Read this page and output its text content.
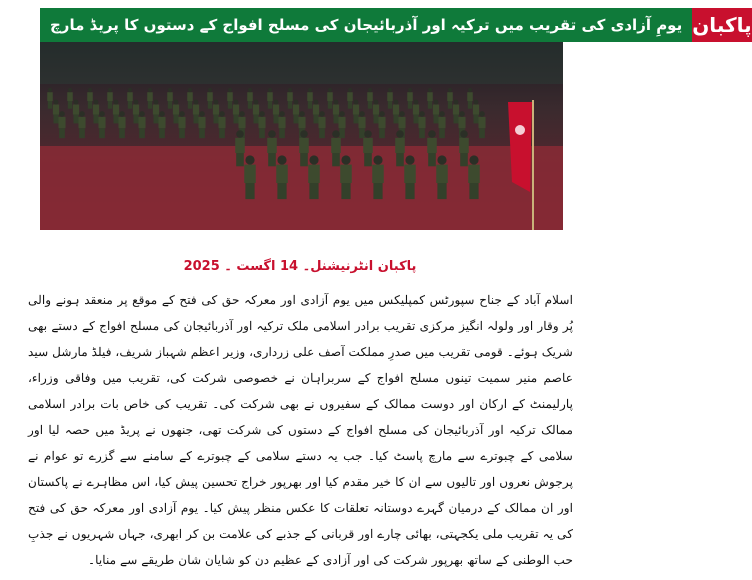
یومِ آزادی کی تقریب میں ترکیہ اور آذربائیجان کی مسلح افواج کے دستوں کا پریڈ مارچ پاکبان
پاکبان انٹرنیشنل۔ 14 اگست ۔ 2025

اسلام آباد کے جناح سپورٹس کمپلیکس میں یوم آزادی اور معرکہ حق کی فتح کے موقع پر منعقد ہونے والی پُر وقار اور ولولہ انگیز مرکزی تقریب برادر اسلامی ملک ترکیہ اور آذربائیجان کی مسلح افواج کے دستے بھی شریک ہوئے۔ قومی تقریب میں صدرِ مملکت آصف علی زرداری، وزیر اعظم شہباز شریف، فیلڈ مارشل سید عاصم منیر سمیت تینوں مسلح افواج کے سربراہان نے خصوصی شرکت کی، تقریب میں وفاقی وزراء، پارلیمنٹ کے ارکان اور دوست ممالک کے سفیروں نے بھی شرکت کی۔ تقریب کی خاص بات برادر اسلامی ممالک ترکیہ اور آذربائیجان کی مسلح افواج کے دستوں کی شرکت تھی، جنھوں نے پریڈ میں حصہ لیا اور سلامی کے چبوترے سے مارچ پاسٹ کیا۔ جب یہ دستے سلامی کے چبوترے کے سامنے سے گزرے تو عوام نے پرجوش نعروں اور تالیوں سے ان کا خیر مقدم کیا اور بھرپور خراج تحسین پیش کیا، اس مظاہرے نے پاکستان اور ان ممالک کے درمیان گہرے دوستانہ تعلقات کا عکس منظر پیش کیا۔ یوم آزادی اور معرکہ حق کی فتح کی یہ تقریب ملی یکجہتی، بھائی چارے اور قربانی کے جذبے کی علامت بن کر ابھری، جہاں شہریوں نے جذبِ حب الوطنی کے ساتھ بھرپور شرکت کی اور آزادی کے عظیم دن کو شایان شان طریقے سے منایا۔
